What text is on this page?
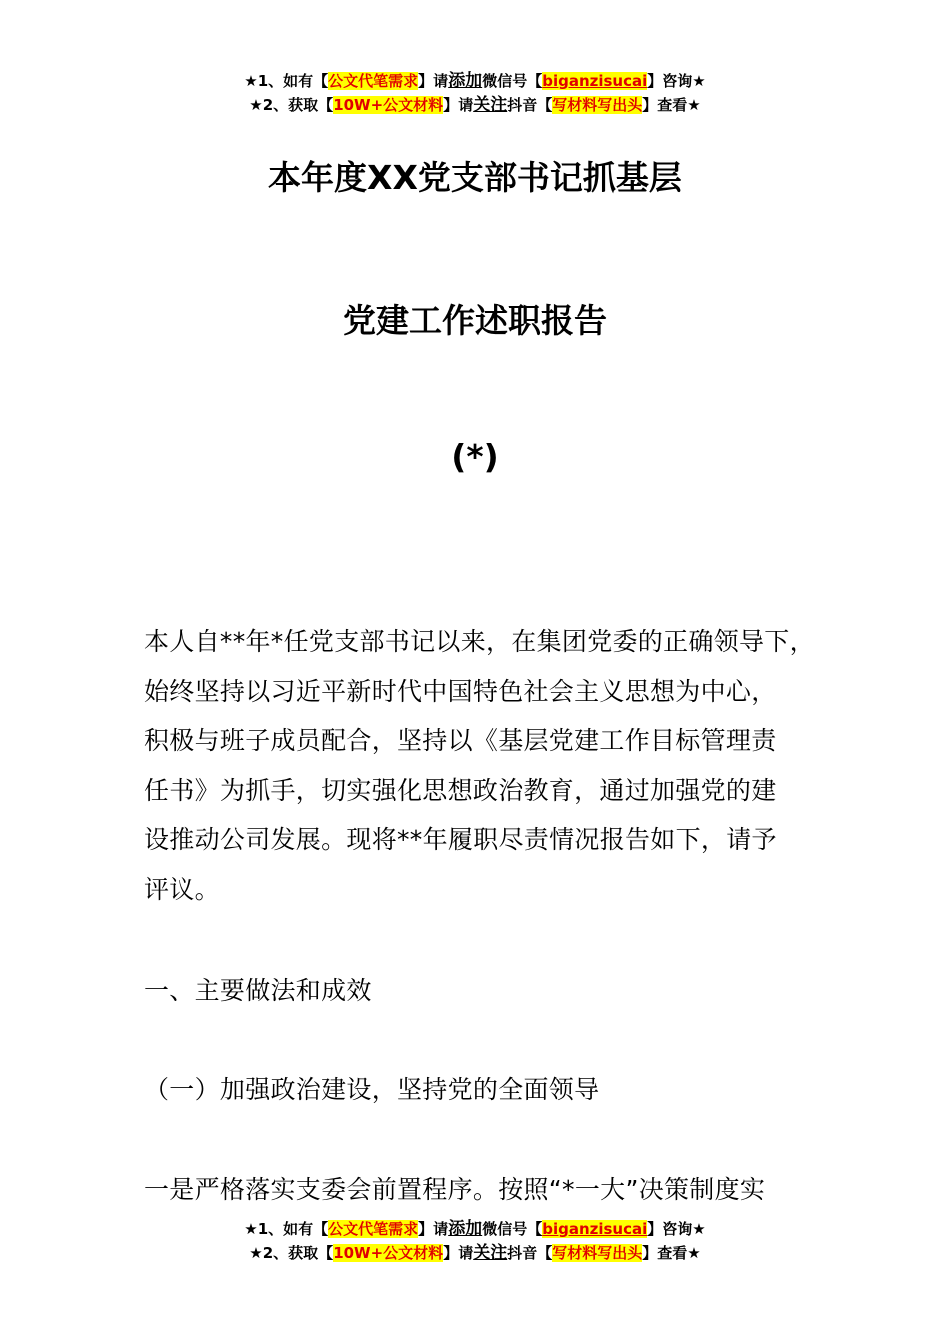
★1、如有【公文代笔需求】请添加微信号【biganzisucai】咨询★
★2、获取【10W+公文材料】请关注抖音【写材料写出头】查看★
本年度XX党支部书记抓基层
党建工作述职报告
(*)
本人自**年*任党支部书记以来，在集团党委的正确领导下，
始终坚持以习近平新时代中国特色社会主义思想为中心，
积极与班子成员配合，坚持以《基层党建工作目标管理责
任书》为抓手，切实强化思想政治教育，通过加强党的建
设推动公司发展。现将**年履职尽责情况报告如下，请予
评议。
一、主要做法和成效
（一）加强政治建设，坚持党的全面领导
一是严格落实支委会前置程序。按照“*一大”决策制度实
★1、如有【公文代笔需求】请添加微信号【biganzisucai】咨询★
★2、获取【10W+公文材料】请关注抖音【写材料写出头】查看★
